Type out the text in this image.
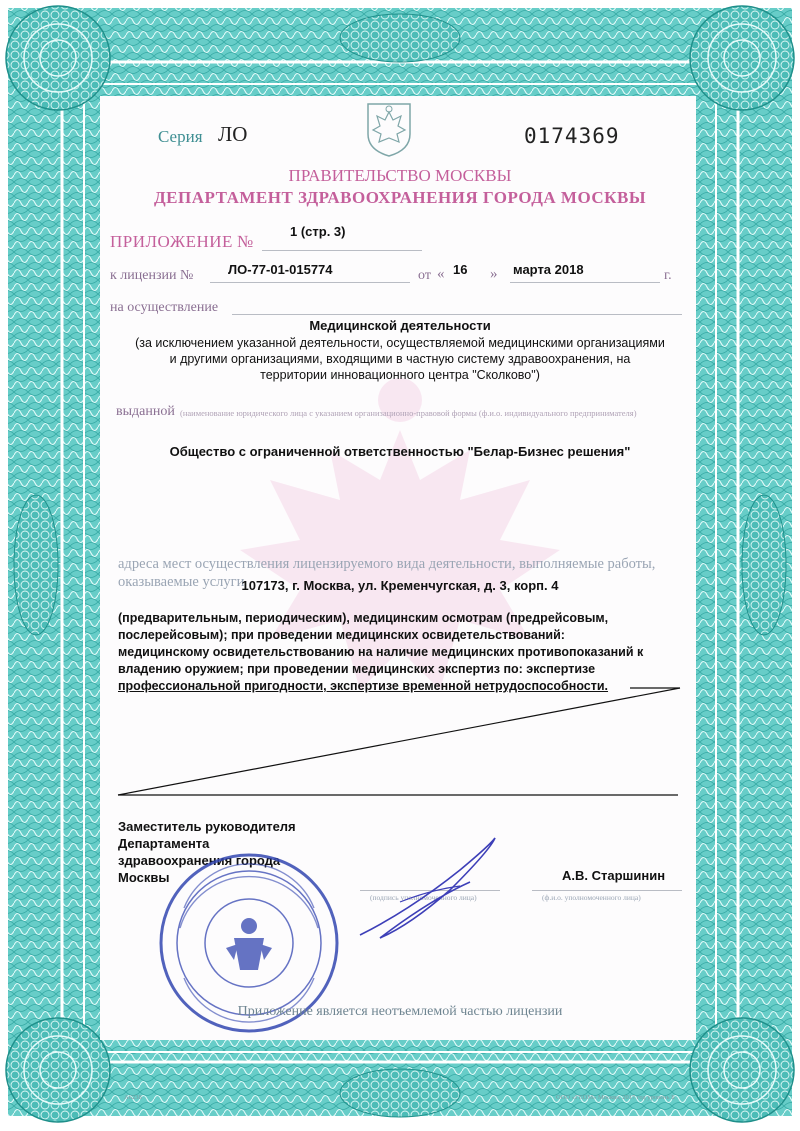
Серия ЛО	0174369
ПРАВИТЕЛЬСТВО МОСКВЫ
ДЕПАРТАМЕНТ ЗДРАВООХРАНЕНИЯ ГОРОДА МОСКВЫ
ПРИЛОЖЕНИЕ №
1 (стр. 3)
к лицензии №	ЛО-77-01-015774	от « 16 » марта 2018	г.
на осуществление
Медицинской деятельности
(за исключением указанной деятельности, осуществляемой медицинскими организациями
и другими организациями, входящими в частную систему здравоохранения, на
территории инновационного центра "Сколково")
выданной (наименование юридического лица с указанием организационно-правовой формы (ф.и.о. индивидуального предпринимателя)
Общество с ограниченной ответственностью "Белар-Бизнес решения"
адреса мест осуществления лицензируемого вида деятельности, выполняемые работы,
оказываемые услуги
107173, г. Москва, ул. Кременчугская, д. 3, корп. 4
(предварительным, периодическим), медицинским осмотрам (предрейсовым,
послерейсовым); при проведении медицинских освидетельствований:
медицинскому освидетельствованию на наличие медицинских противопоказаний к
владению оружием; при проведении медицинских экспертиз по: экспертизе
профессиональной пригодности, экспертизе временной нетрудоспособности.
Заместитель руководителя
Департамента
здравоохранения города
Москвы
(подпись уполномоченного лица)
А.В. Старшинин
(ф.и.о. уполномоченного лица)
Приложение является неотъемлемой частью лицензии
А6238	ООО «ГЕОМ» Москва, 2017 год уровень Б
